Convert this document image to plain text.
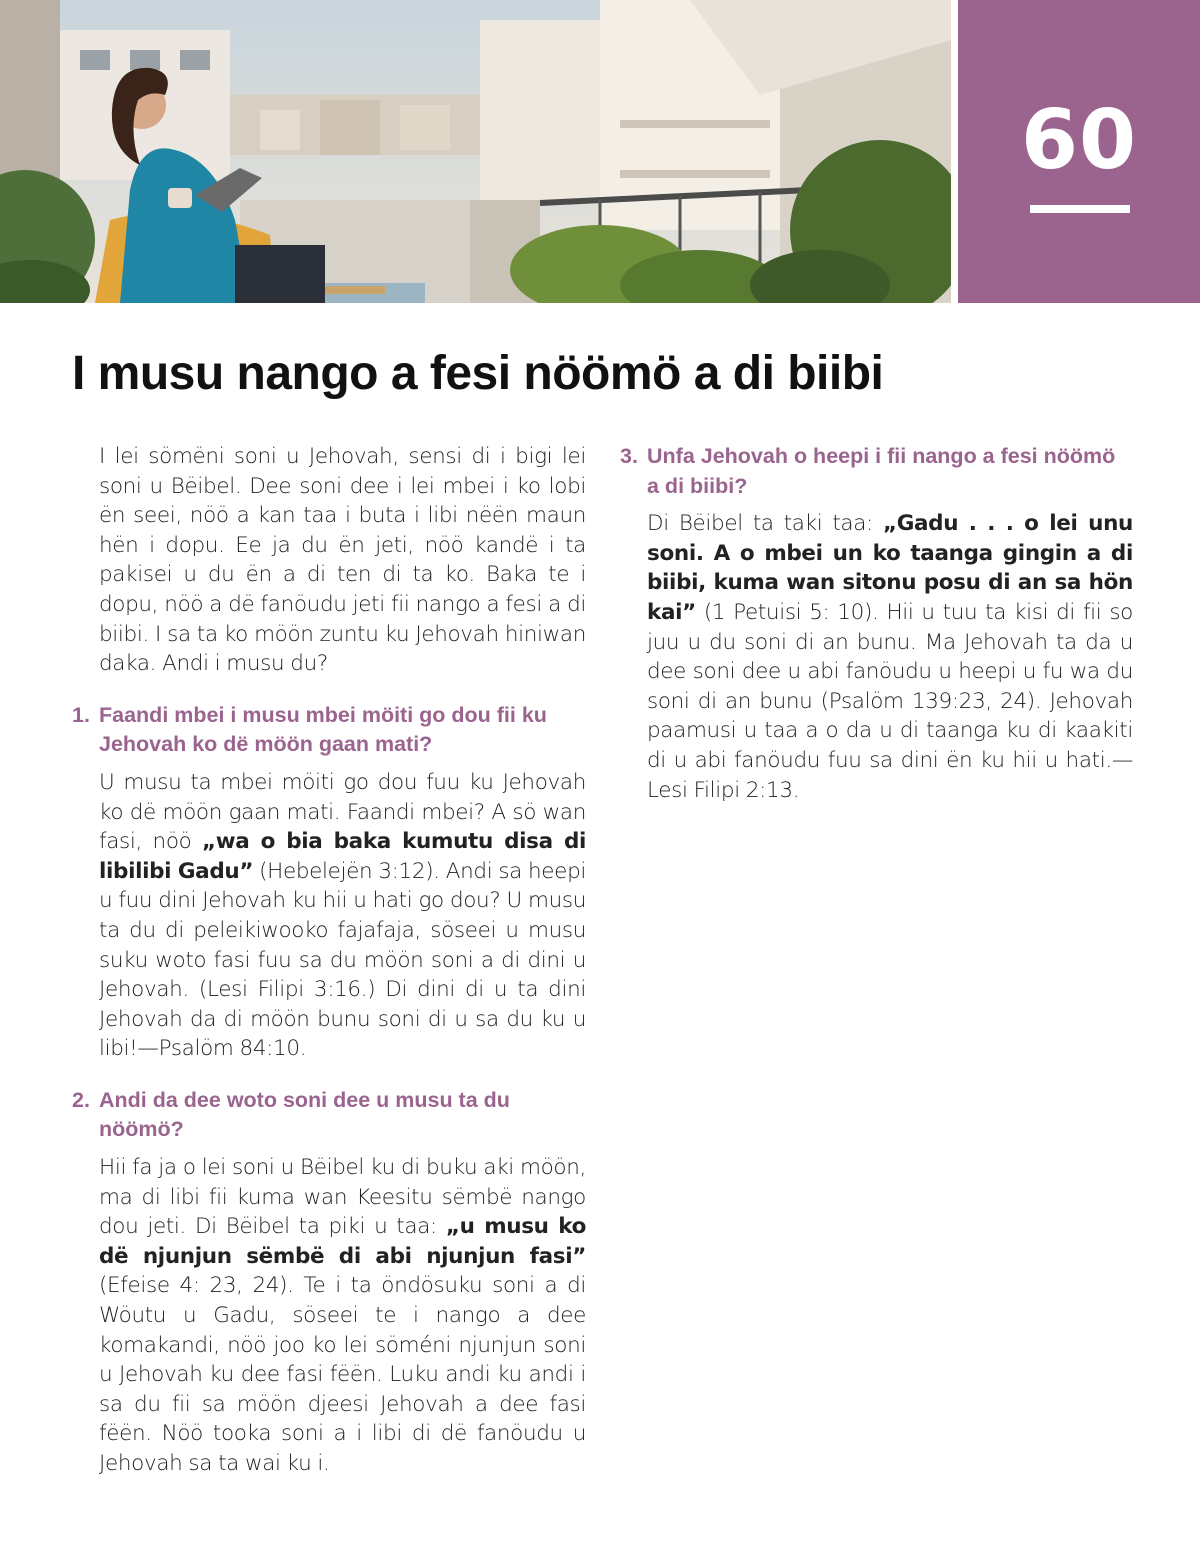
60
I musu nango a fesi nöömö a di biibi

I lei sömëni soni u Jehovah, sensi di i bigi lei soni u Bëibel. Dee soni dee i lei mbei i ko lobi ën seei, nöö a kan taa i buta i libi nëën maun hën i dopu. Ee ja du ën jeti, nöö kandë i ta pakisei u du ën a di ten di ta ko. Baka te i dopu, nöö a dë fanöudu jeti fii nango a fesi a di biibi. I sa ta ko möön zuntu ku Jehovah hiniwan daka. Andi i musu du?

1. Faandi mbei i musu mbei möiti go dou fii ku Jehovah ko dë möön gaan mati?

U musu ta mbei möiti go dou fuu ku Jehovah ko dë möön gaan mati. Faandi mbei? A sö wan fasi, nöö „wa o bia baka kumutu disa di libilibi Gadu” (Hebelejën 3:12). Andi sa heepi u fuu dini Jehovah ku hii u hati go dou? U musu ta du di peleikiwooko fajafaja, söseei u musu suku woto fasi fuu sa du möön soni a di dini u Jehovah. (Lesi Filipi 3:16.) Di dini di u ta dini Jehovah da di möön bunu soni di u sa du ku u libi!—Psalöm 84:10.

2. Andi da dee woto soni dee u musu ta du nöömö?

Hii fa ja o lei soni u Bëibel ku di buku aki möön, ma di libi fii kuma wan Keesitu sëmbë nango dou jeti. Di Bëibel ta piki u taa: „u musu ko dë njunjun sëmbë di abi njunjun fasi” (Efeise 4: 23, 24). Te i ta öndösuku soni a di Wöutu u Gadu, söseei te i nango a dee komakandi, nöö joo ko lei söméni njunjun soni u Jehovah ku dee fasi fëën. Luku andi ku andi i sa du fii sa möön djeesi Jehovah a dee fasi fëën. Nöö tooka soni a i libi di dë fanöudu u Jehovah sa ta wai ku i.

3. Unfa Jehovah o heepi i fii nango a fesi nöömö a di biibi?

Di Bëibel ta taki taa: „Gadu . . . o lei unu soni. A o mbei un ko taanga gingin a di biibi, kuma wan sitonu posu di an sa hön kai” (1 Petuisi 5: 10). Hii u tuu ta kisi di fii so juu u du soni di an bunu. Ma Jehovah ta da u dee soni dee u abi fanöudu u heepi u fu wa du soni di an bunu (Psalöm 139:23, 24). Jehovah paamusi u taa a o da u di taanga ku di kaakiti di u abi fanöudu fuu sa dini ën ku hii u hati.—Lesi Filipi 2:13.
